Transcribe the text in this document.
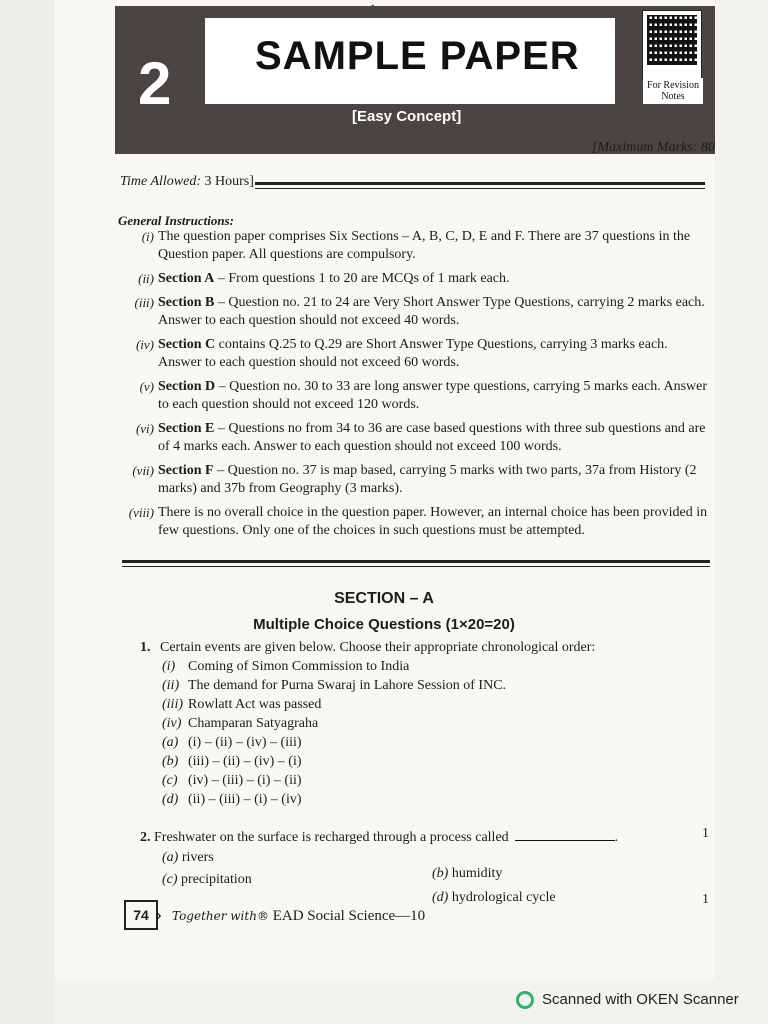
2 SAMPLE PAPER
[Easy Concept]
For Revision Notes
[Maximum Marks: 80
Time Allowed: 3 Hours]
General Instructions:
(i) The question paper comprises Six Sections – A, B, C, D, E and F. There are 37 questions in the Question paper. All questions are compulsory.
(ii) Section A – From questions 1 to 20 are MCQs of 1 mark each.
(iii) Section B – Question no. 21 to 24 are Very Short Answer Type Questions, carrying 2 marks each. Answer to each question should not exceed 40 words.
(iv) Section C contains Q.25 to Q.29 are Short Answer Type Questions, carrying 3 marks each. Answer to each question should not exceed 60 words.
(v) Section D – Question no. 30 to 33 are long answer type questions, carrying 5 marks each. Answer to each question should not exceed 120 words.
(vi) Section E – Questions no from 34 to 36 are case based questions with three sub questions and are of 4 marks each. Answer to each question should not exceed 100 words.
(vii) Section F – Question no. 37 is map based, carrying 5 marks with two parts, 37a from History (2 marks) and 37b from Geography (3 marks).
(viii) There is no overall choice in the question paper. However, an internal choice has been provided in few questions. Only one of the choices in such questions must be attempted.
SECTION – A
Multiple Choice Questions (1×20=20)
1. Certain events are given below. Choose their appropriate chronological order:
(i) Coming of Simon Commission to India
(ii) The demand for Purna Swaraj in Lahore Session of INC.
(iii) Rowlatt Act was passed
(iv) Champaran Satyagraha
(a) (i) – (ii) – (iv) – (iii)
(b) (iii) – (ii) – (iv) – (i)
(c) (iv) – (iii) – (i) – (ii)
(d) (ii) – (iii) – (i) – (iv)
1
2. Freshwater on the surface is recharged through a process called	.
(a) rivers
(b) humidity
(c) precipitation
(d) hydrological cycle	1
74 › Together with® EAD Social Science—10
Scanned with OKEN Scanner
